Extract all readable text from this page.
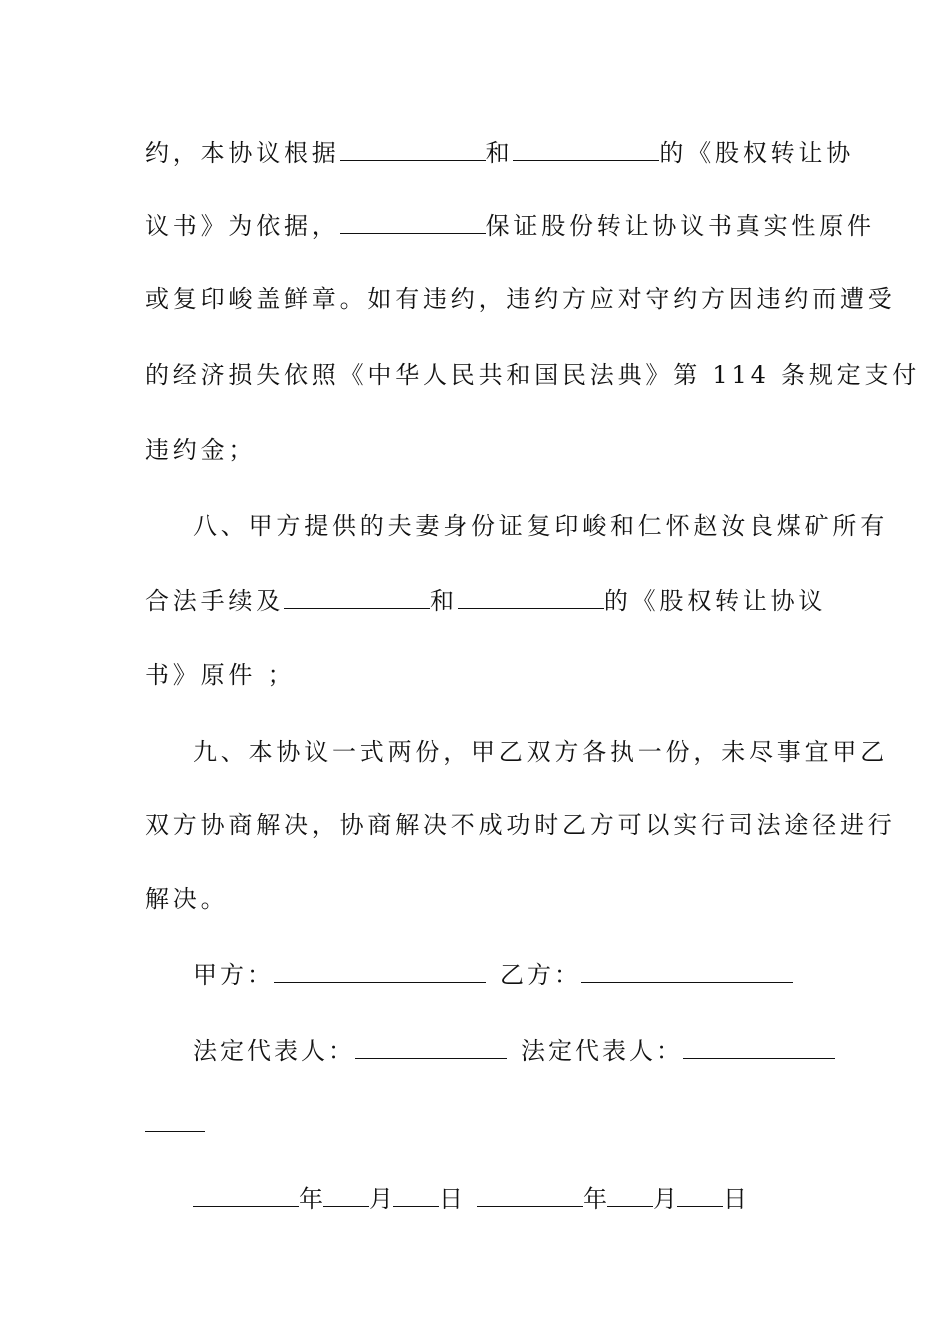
约，本协议根据	和	的《股权转让协
议书》为依据，	保证股份转让协议书真实性原件
或复印峻盖鲜章。如有违约，违约方应对守约方因违约而遭受
的经济损失依照《中华人民共和国民法典》第 114 条规定支付
违约金；
八、甲方提供的夫妻身份证复印峻和仁怀赵汝良煤矿所有
合法手续及	和	的《股权转让协议
书》原件 ；
九、本协议一式两份，甲乙双方各执一份，未尽事宜甲乙
双方协商解决，协商解决不成功时乙方可以实行司法途径进行
解决。
甲方：	乙方：
法定代表人：	法定代表人：
年 月 日	年 月 日
